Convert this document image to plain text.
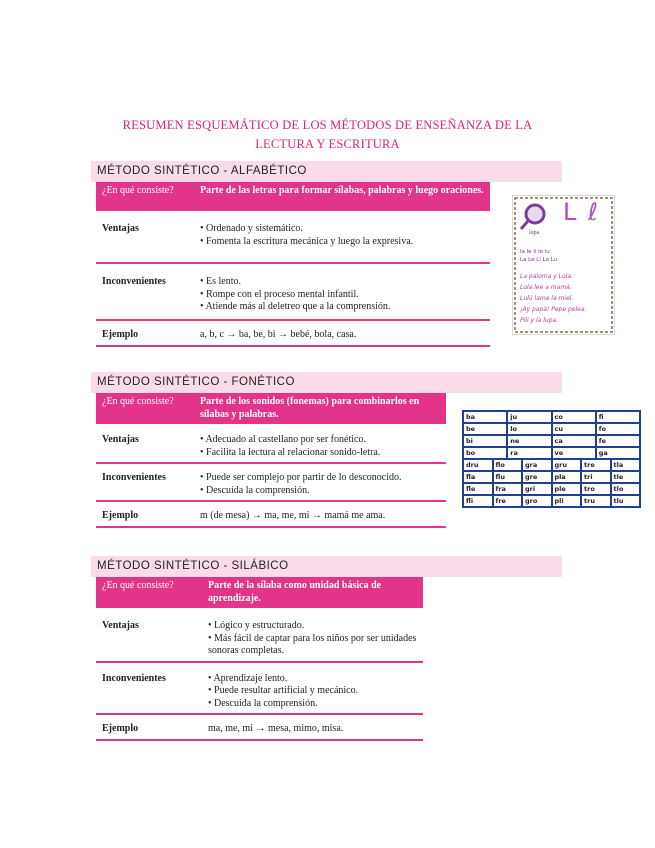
RESUMEN ESQUEMÁTICO DE LOS MÉTODOS DE ENSEÑANZA DE LA
LECTURA Y ESCRITURA
MÉTODO SINTÉTICO - ALFABÉTICO
¿En qué consiste?	Parte de las letras para formar sílabas, palabras y luego oraciones.
Ventajas	• Ordenado y sistemático.
• Fomenta la escritura mecánica y luego la expresiva.

Inconvenientes	• Es lento.
• Rompe con el proceso mental infantil.
• Atiende más al deletreo que a la comprensión.

Ejemplo	a, b, c → ba, be, bi → bebé, bola, casa.
L ℓ
lupa
la le li lo lu
La Le Li Lo Lu
La paloma y Lola.
Lola lee a mamá.
Lulú lame la miel.
¡Ay papá! Pepe pelea.
Pili y la lupa.
MÉTODO SINTÉTICO - FONÉTICO
¿En qué consiste?	Parte de los sonidos (fonemas) para combinarlos en sílabas y palabras.
Ventajas	• Adecuado al castellano por ser fonético.
• Facilita la lectura al relacionar sonido-letra.

Inconvenientes	• Puede ser complejo por partir de lo desconocido.
• Descuida la comprensión.

Ejemplo	m (de mesa) → ma, me, mi → mamá me ama.
ba	ju	co	fi
be	lo	cu	fo
bi	ne	ca	fe
bo	ra	ve	ga
dru	flo	gra	gru	tre	tla
fla	flu	gre	pla	tri	tle
fle	fra	gri	ple	tro	tlo
fli	fre	gro	pli	tru	tlu
MÉTODO SINTÉTICO - SILÁBICO
¿En qué consiste?	Parte de la sílaba como unidad básica de aprendizaje.
Ventajas	• Lógico y estructurado.
• Más fácil de captar para los niños por ser unidades sonoras completas.

Inconvenientes	• Aprendizaje lento.
• Puede resultar artificial y mecánico.
• Descuida la comprensión.

Ejemplo	ma, me, mi → mesa, mimo, misa.
